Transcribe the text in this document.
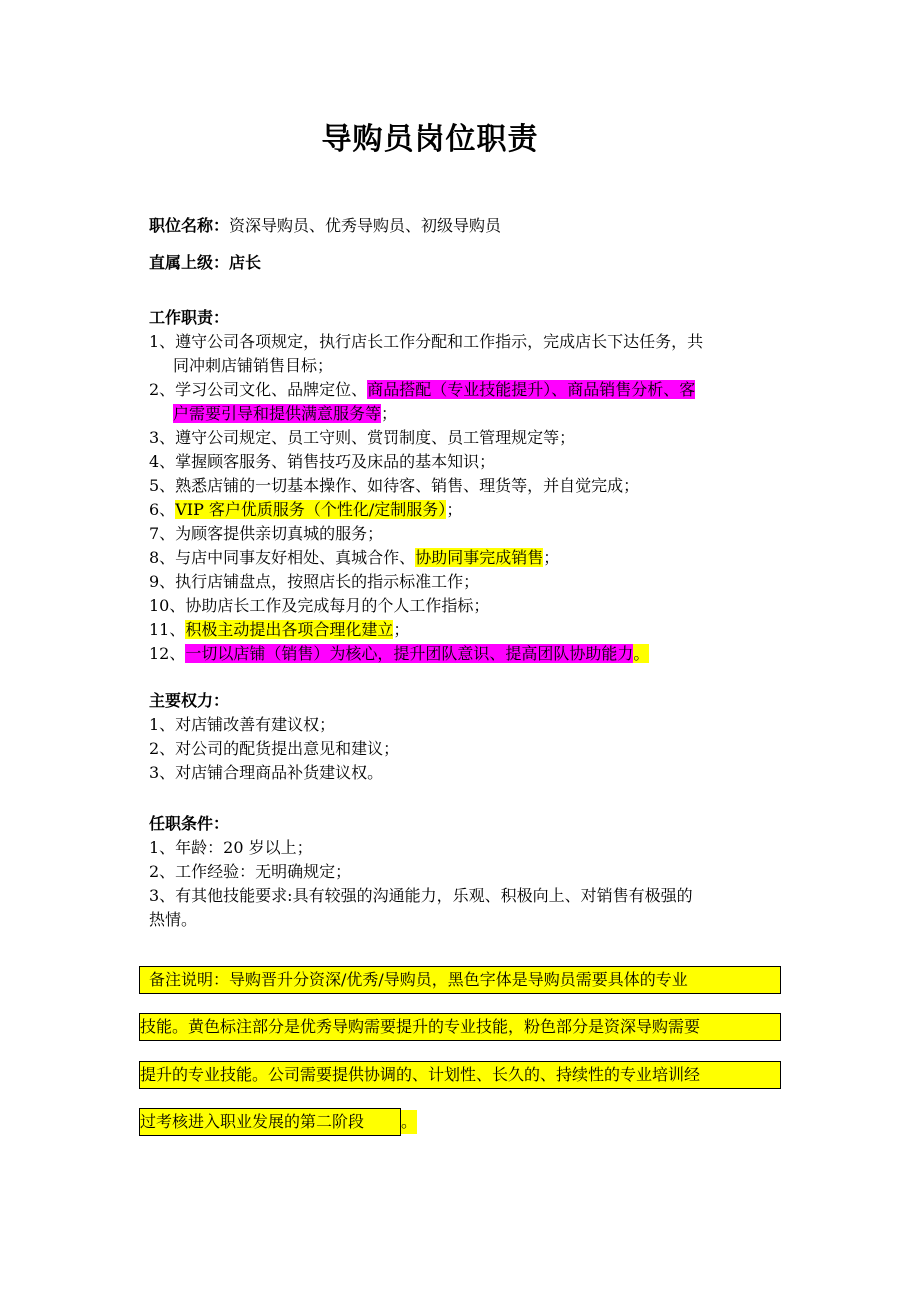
导购员岗位职责
职位名称：资深导购员、优秀导购员、初级导购员
直属上级：店长
工作职责：
1、遵守公司各项规定，执行店长工作分配和工作指示，完成店长下达任务，共
同冲刺店铺销售目标；
2、学习公司文化、品牌定位、商品搭配（专业技能提升）、商品销售分析、客
户需要引导和提供满意服务等；
3、遵守公司规定、员工守则、赏罚制度、员工管理规定等；
4、掌握顾客服务、销售技巧及床品的基本知识；
5、熟悉店铺的一切基本操作、如待客、销售、理货等，并自觉完成；
6、VIP 客户优质服务（个性化/定制服务）；
7、为顾客提供亲切真城的服务；
8、与店中同事友好相处、真城合作、协助同事完成销售；
9、执行店铺盘点，按照店长的指示标准工作；
10、协助店长工作及完成每月的个人工作指标；
11、积极主动提出各项合理化建立；
12、一切以店铺（销售）为核心，提升团队意识、提高团队协助能力。
主要权力：
1、对店铺改善有建议权；
2、对公司的配货提出意见和建议；
3、对店铺合理商品补货建议权。
任职条件：
1、年龄：20 岁以上；
2、工作经验：无明确规定；
3、有其他技能要求:具有较强的沟通能力，乐观、积极向上、对销售有极强的
热情。
备注说明：导购晋升分资深/优秀/导购员，黑色字体是导购员需要具体的专业
技能。黄色标注部分是优秀导购需要提升的专业技能，粉色部分是资深导购需要
提升的专业技能。公司需要提供协调的、计划性、长久的、持续性的专业培训经
过考核进入职业发展的第二阶段	。
